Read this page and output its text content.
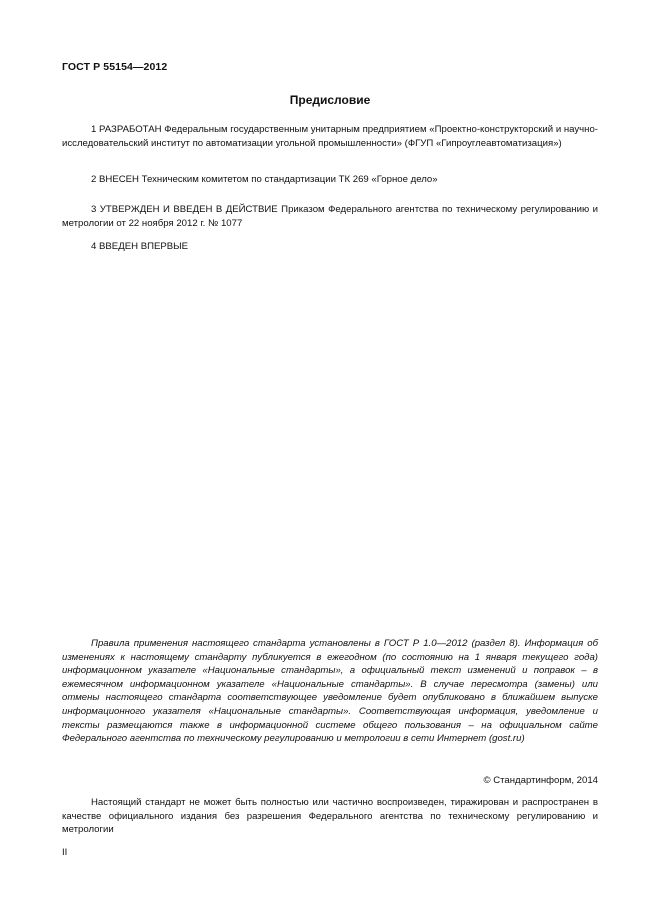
ГОСТ Р 55154—2012
Предисловие

1 РАЗРАБОТАН Федеральным государственным унитарным предприятием «Проектно-конструкторский и научно-исследовательский институт по автоматизации угольной промышленности» (ФГУП «Гипроуглеавтоматизация»)

2 ВНЕСЕН Техническим комитетом по стандартизации ТК 269 «Горное дело»

3 УТВЕРЖДЕН И ВВЕДЕН В ДЕЙСТВИЕ Приказом Федерального агентства по техническому регулированию и метрологии от 22 ноября 2012 г. № 1077

4 ВВЕДЕН ВПЕРВЫЕ

Правила применения настоящего стандарта установлены в ГОСТ Р 1.0—2012 (раздел 8). Информация об изменениях к настоящему стандарту публикуется в ежегодном (по состоянию на 1 января текущего года) информационном указателе «Национальные стандарты», а официальный текст изменений и поправок – в ежемесячном информационном указателе «Национальные стандарты». В случае пересмотра (замены) или отмены настоящего стандарта соответствующее уведомление будет опубликовано в ближайшем выпуске информационного указателя «Национальные стандарты». Соответствующая информация, уведомление и тексты размещаются также в информационной системе общего пользования – на официальном сайте Федерального агентства по техническому регулированию и метрологии в сети Интернет (gost.ru)

© Стандартинформ, 2014

Настоящий стандарт не может быть полностью или частично воспроизведен, тиражирован и распространен в качестве официального издания без разрешения Федерального агентства по техническому регулированию и метрологии

II
